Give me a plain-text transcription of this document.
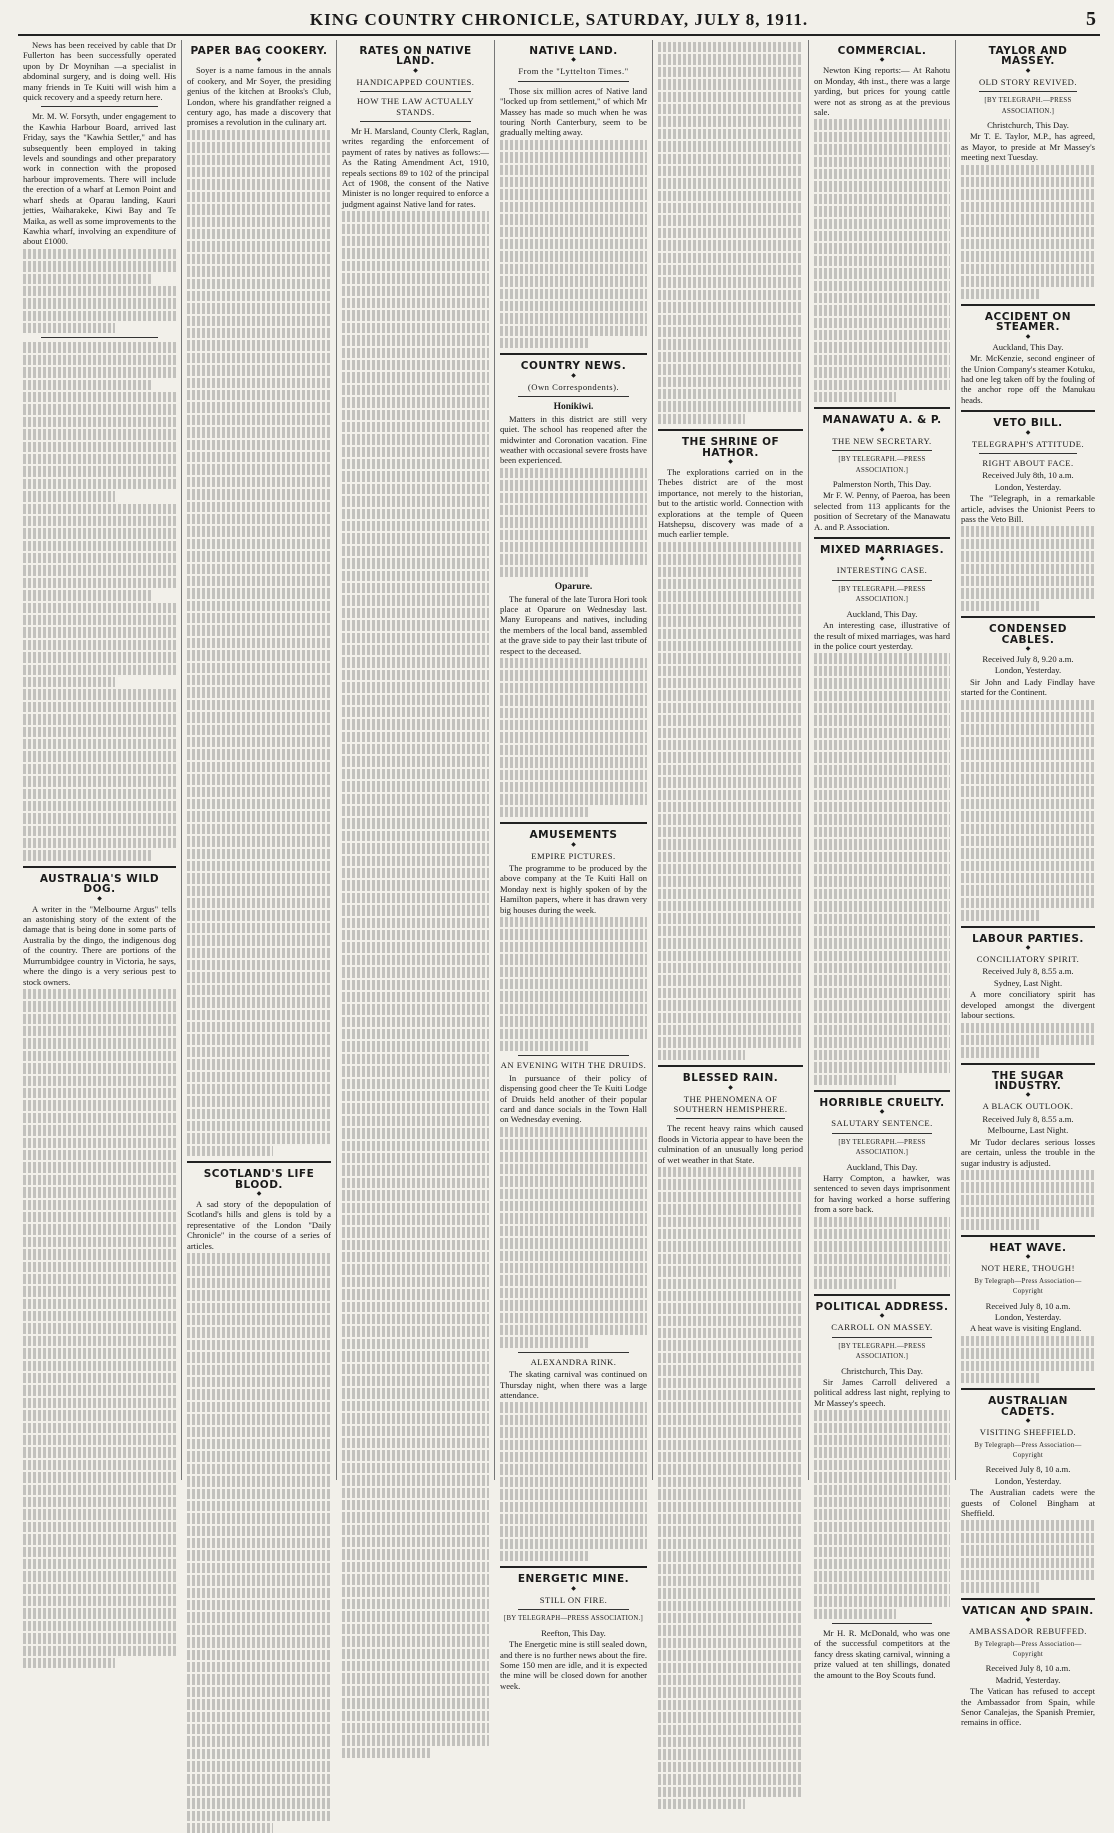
KING COUNTRY CHRONICLE, SATURDAY, JULY 8, 1911.	5

News has been received by cable that Dr Fullerton has been successfully operated upon by Dr Moynihan —a specialist in abdominal surgery, and is doing well. His many friends in Te Kuiti will wish him a quick recovery and a speedy return here.

Mr. M. W. Forsyth, under engagement to the Kawhia Harbour Board, arrived last Friday, says the "Kawhia Settler," and has subsequently been employed in taking levels and soundings and other preparatory work in connection with the proposed harbour improvements. There will include the erection of a wharf at Lemon Point and wharf sheds at Oparau landing, Kauri jetties, Waiharakeke, Kiwi Bay and Te Maika, as well as some improvements to the Kawhia wharf, involving an expenditure of about £1000.

AUSTRALIA'S WILD DOG.
◆

A writer in the "Melbourne Argus" tells an astonishing story of the extent of the damage that is being done in some parts of Australia by the dingo, the indigenous dog of the country. There are portions of the Murrumbidgee country in Victoria, he says, where the dingo is a very serious pest to stock owners.

PAPER BAG COOKERY.
◆

Soyer is a name famous in the annals of cookery, and Mr Soyer, the presiding genius of the kitchen at Brooks's Club, London, where his grandfather reigned a century ago, has made a discovery that promises a revolution in the culinary art.

SCOTLAND'S LIFE BLOOD.
◆

A sad story of the depopulation of Scotland's hills and glens is told by a representative of the London "Daily Chronicle" in the course of a series of articles.

RATES ON NATIVE LAND.
◆
HANDICAPPED COUNTIES.
HOW THE LAW ACTUALLY STANDS.

Mr H. Marsland, County Clerk, Raglan, writes regarding the enforcement of payment of rates by natives as follows:—As the Rating Amendment Act, 1910, repeals sections 89 to 102 of the principal Act of 1908, the consent of the Native Minister is no longer required to enforce a judgment against Native land for rates.

NATIVE LAND.
◆
From the "Lyttelton Times."

Those six million acres of Native land "locked up from settlement," of which Mr Massey has made so much when he was touring North Canterbury, seem to be gradually melting away.

COUNTRY NEWS.
◆
(Own Correspondents).
Honikiwi.

Matters in this district are still very quiet. The school has reopened after the midwinter and Coronation vacation. Fine weather with occasional severe frosts have been experienced.

Oparure.

The funeral of the late Turora Hori took place at Oparure on Wednesday last. Many Europeans and natives, including the members of the local band, assembled at the grave side to pay their last tribute of respect to the deceased.

AMUSEMENTS
◆
EMPIRE PICTURES.

The programme to be produced by the above company at the Te Kuiti Hall on Monday next is highly spoken of by the Hamilton papers, where it has drawn very big houses during the week.

AN EVENING WITH THE DRUIDS.

In pursuance of their policy of dispensing good cheer the Te Kuiti Lodge of Druids held another of their popular card and dance socials in the Town Hall on Wednesday evening.

ALEXANDRA RINK.

The skating carnival was continued on Thursday night, when there was a large attendance.

ENERGETIC MINE.
◆
STILL ON FIRE.
[BY TELEGRAPH—PRESS ASSOCIATION.]
Reefton, This Day.

The Energetic mine is still sealed down, and there is no further news about the fire. Some 150 men are idle, and it is expected the mine will be closed down for another week.

THE SHRINE OF HATHOR.
◆

The explorations carried on in the Thebes district are of the most importance, not merely to the historian, but to the artistic world. Connection with explorations at the temple of Queen Hatshepsu, discovery was made of a much earlier temple.

BLESSED RAIN.
◆
THE PHENOMENA OF SOUTHERN HEMISPHERE.

The recent heavy rains which caused floods in Victoria appear to have been the culmination of an unusually long period of wet weather in that State.

COMMERCIAL.
◆

Newton King reports:— At Rahotu on Monday, 4th inst., there was a large yarding, but prices for young cattle were not as strong as at the previous sale.

MANAWATU A. & P.
◆
THE NEW SECRETARY.
[BY TELEGRAPH.—PRESS ASSOCIATION.]
Palmerston North, This Day.

Mr F. W. Penny, of Paeroa, has been selected from 113 applicants for the position of Secretary of the Manawatu A. and P. Association.

MIXED MARRIAGES.
◆
INTERESTING CASE.
[BY TELEGRAPH.—PRESS ASSOCIATION.]
Auckland, This Day.

An interesting case, illustrative of the result of mixed marriages, was hard in the police court yesterday.

HORRIBLE CRUELTY.
◆
SALUTARY SENTENCE.
[BY TELEGRAPH.—PRESS ASSOCIATION.]
Auckland, This Day.

Harry Compton, a hawker, was sentenced to seven days imprisonment for having worked a horse suffering from a sore back.

POLITICAL ADDRESS.
◆
CARROLL ON MASSEY.
[BY TELEGRAPH.—PRESS ASSOCIATION.]
Christchurch, This Day.

Sir James Carroll delivered a political address last night, replying to Mr Massey's speech.

Mr H. R. McDonald, who was one of the successful competitors at the fancy dress skating carnival, winning a prize valued at ten shillings, donated the amount to the Boy Scouts fund.

TAYLOR AND MASSEY.
◆
OLD STORY REVIVED.
[BY TELEGRAPH.—PRESS ASSOCIATION.]
Christchurch, This Day.

Mr T. E. Taylor, M.P., has agreed, as Mayor, to preside at Mr Massey's meeting next Tuesday.

ACCIDENT ON STEAMER.
◆
Auckland, This Day.

Mr. McKenzie, second engineer of the Union Company's steamer Kotuku, had one leg taken off by the fouling of the anchor rope off the Manukau heads.

VETO BILL.
◆
TELEGRAPH'S ATTITUDE.
RIGHT ABOUT FACE.
Received July 8th, 10 a.m.
London, Yesterday.

The "Telegraph, in a remarkable article, advises the Unionist Peers to pass the Veto Bill.

CONDENSED CABLES.
◆
Received July 8, 9.20 a.m.
London, Yesterday.

Sir John and Lady Findlay have started for the Continent.

LABOUR PARTIES.
◆
CONCILIATORY SPIRIT.
Received July 8, 8.55 a.m.
Sydney, Last Night.

A more conciliatory spirit has developed amongst the divergent labour sections.

THE SUGAR INDUSTRY.
◆
A BLACK OUTLOOK.
Received July 8, 8.55 a.m.
Melbourne, Last Night.

Mr Tudor declares serious losses are certain, unless the trouble in the sugar industry is adjusted.

HEAT WAVE.
◆
NOT HERE, THOUGH!
By Telegraph—Press Association—Copyright
Received July 8, 10 a.m.
London, Yesterday.

A heat wave is visiting England.

AUSTRALIAN CADETS.
◆
VISITING SHEFFIELD.
By Telegraph—Press Association—Copyright
Received July 8, 10 a.m.
London, Yesterday.

The Australian cadets were the guests of Colonel Bingham at Sheffield.

VATICAN AND SPAIN.
◆
AMBASSADOR REBUFFED.
By Telegraph—Press Association—Copyright
Received July 8, 10 a.m.
Madrid, Yesterday.

The Vatican has refused to accept the Ambassador from Spain, while Senor Canalejas, the Spanish Premier, remains in office.
